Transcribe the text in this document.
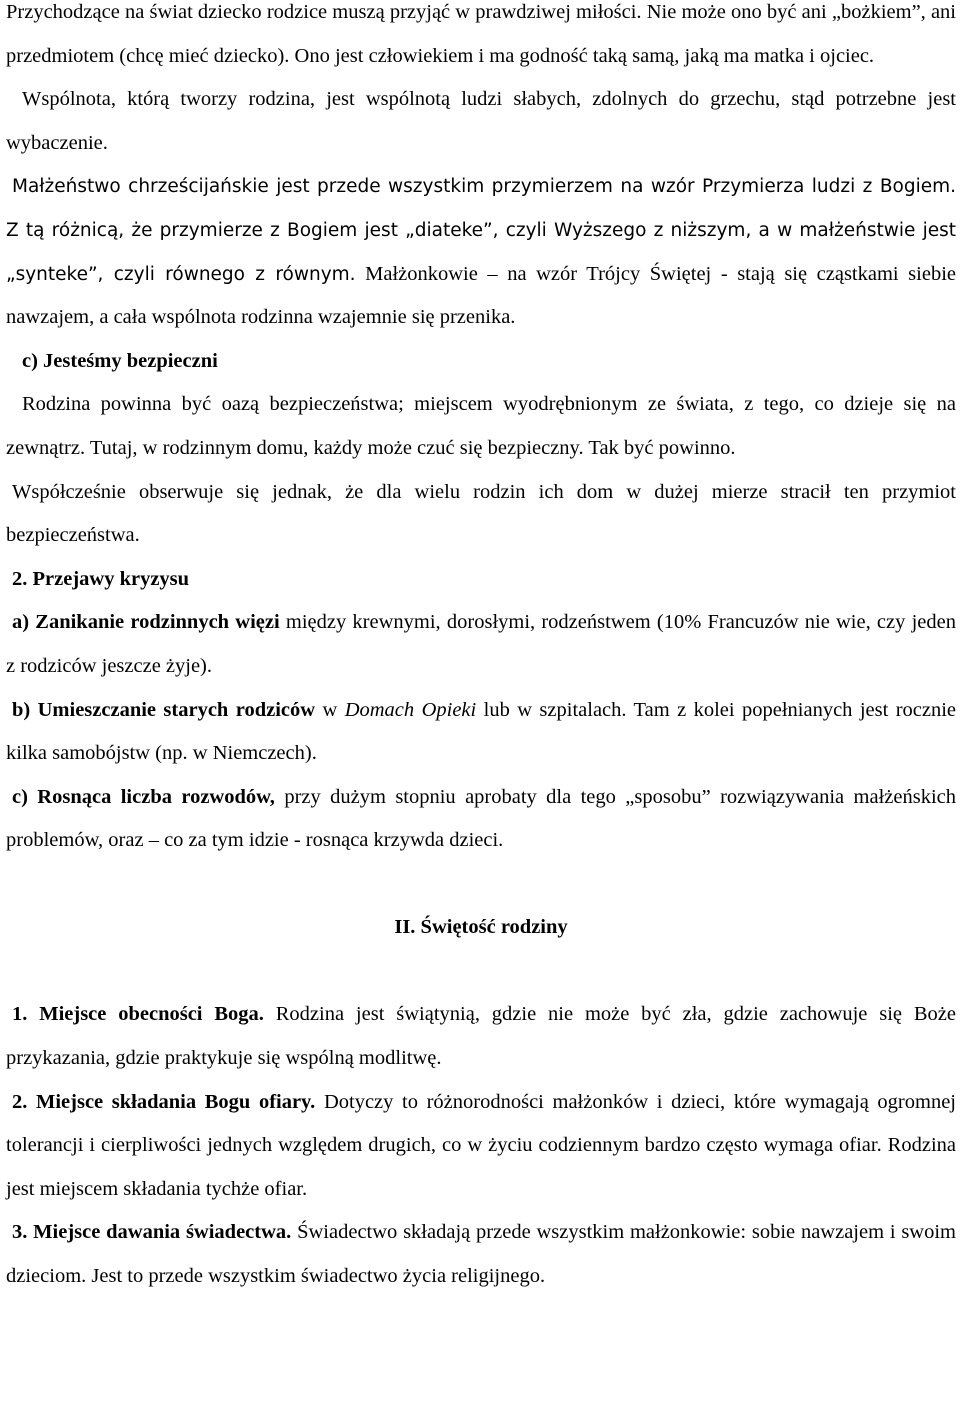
Przychodzące na świat dziecko rodzice muszą przyjąć w prawdziwej miłości. Nie może ono być ani „bożkiem”, ani przedmiotem (chcę mieć dziecko). Ono jest człowiekiem i ma godność taką samą, jaką ma matka i ojciec.

Wspólnota, którą tworzy rodzina, jest wspólnotą ludzi słabych, zdolnych do grzechu, stąd potrzebne jest wybaczenie.

Małżeństwo chrześcijańskie jest przede wszystkim przymierzem na wzór Przymierza ludzi z Bogiem. Z tą różnicą, że przymierze z Bogiem jest „diateke”, czyli Wyższego z niższym, a w małżeństwie jest „synteke”, czyli równego z równym. Małżonkowie – na wzór Trójcy Świętej - stają się cząstkami siebie nawzajem, a cała wspólnota rodzinna wzajemnie się przenika.

c) Jesteśmy bezpieczni

Rodzina powinna być oazą bezpieczeństwa; miejscem wyodrębnionym ze świata, z tego, co dzieje się na zewnątrz. Tutaj, w rodzinnym domu, każdy może czuć się bezpieczny. Tak być powinno.

Współcześnie obserwuje się jednak, że dla wielu rodzin ich dom w dużej mierze stracił ten przymiot bezpieczeństwa.

2. Przejawy kryzysu

a) Zanikanie rodzinnych więzi między krewnymi, dorosłymi, rodzeństwem (10% Francuzów nie wie, czy jeden z rodziców jeszcze żyje).

b) Umieszczanie starych rodziców w Domach Opieki lub w szpitalach. Tam z kolei popełnianych jest rocznie kilka samobójstw (np. w Niemczech).

c) Rosnąca liczba rozwodów, przy dużym stopniu aprobaty dla tego „sposobu” rozwiązywania małżeńskich problemów, oraz – co za tym idzie - rosnąca krzywda dzieci.

II. Świętość rodziny

1. Miejsce obecności Boga. Rodzina jest świątynią, gdzie nie może być zła, gdzie zachowuje się Boże przykazania, gdzie praktykuje się wspólną modlitwę.

2. Miejsce składania Bogu ofiary. Dotyczy to różnorodności małżonków i dzieci, które wymagają ogromnej tolerancji i cierpliwości jednych względem drugich, co w życiu codziennym bardzo często wymaga ofiar. Rodzina jest miejscem składania tychże ofiar.

3. Miejsce dawania świadectwa. Świadectwo składają przede wszystkim małżonkowie: sobie nawzajem i swoim dzieciom. Jest to przede wszystkim świadectwo życia religijnego.
